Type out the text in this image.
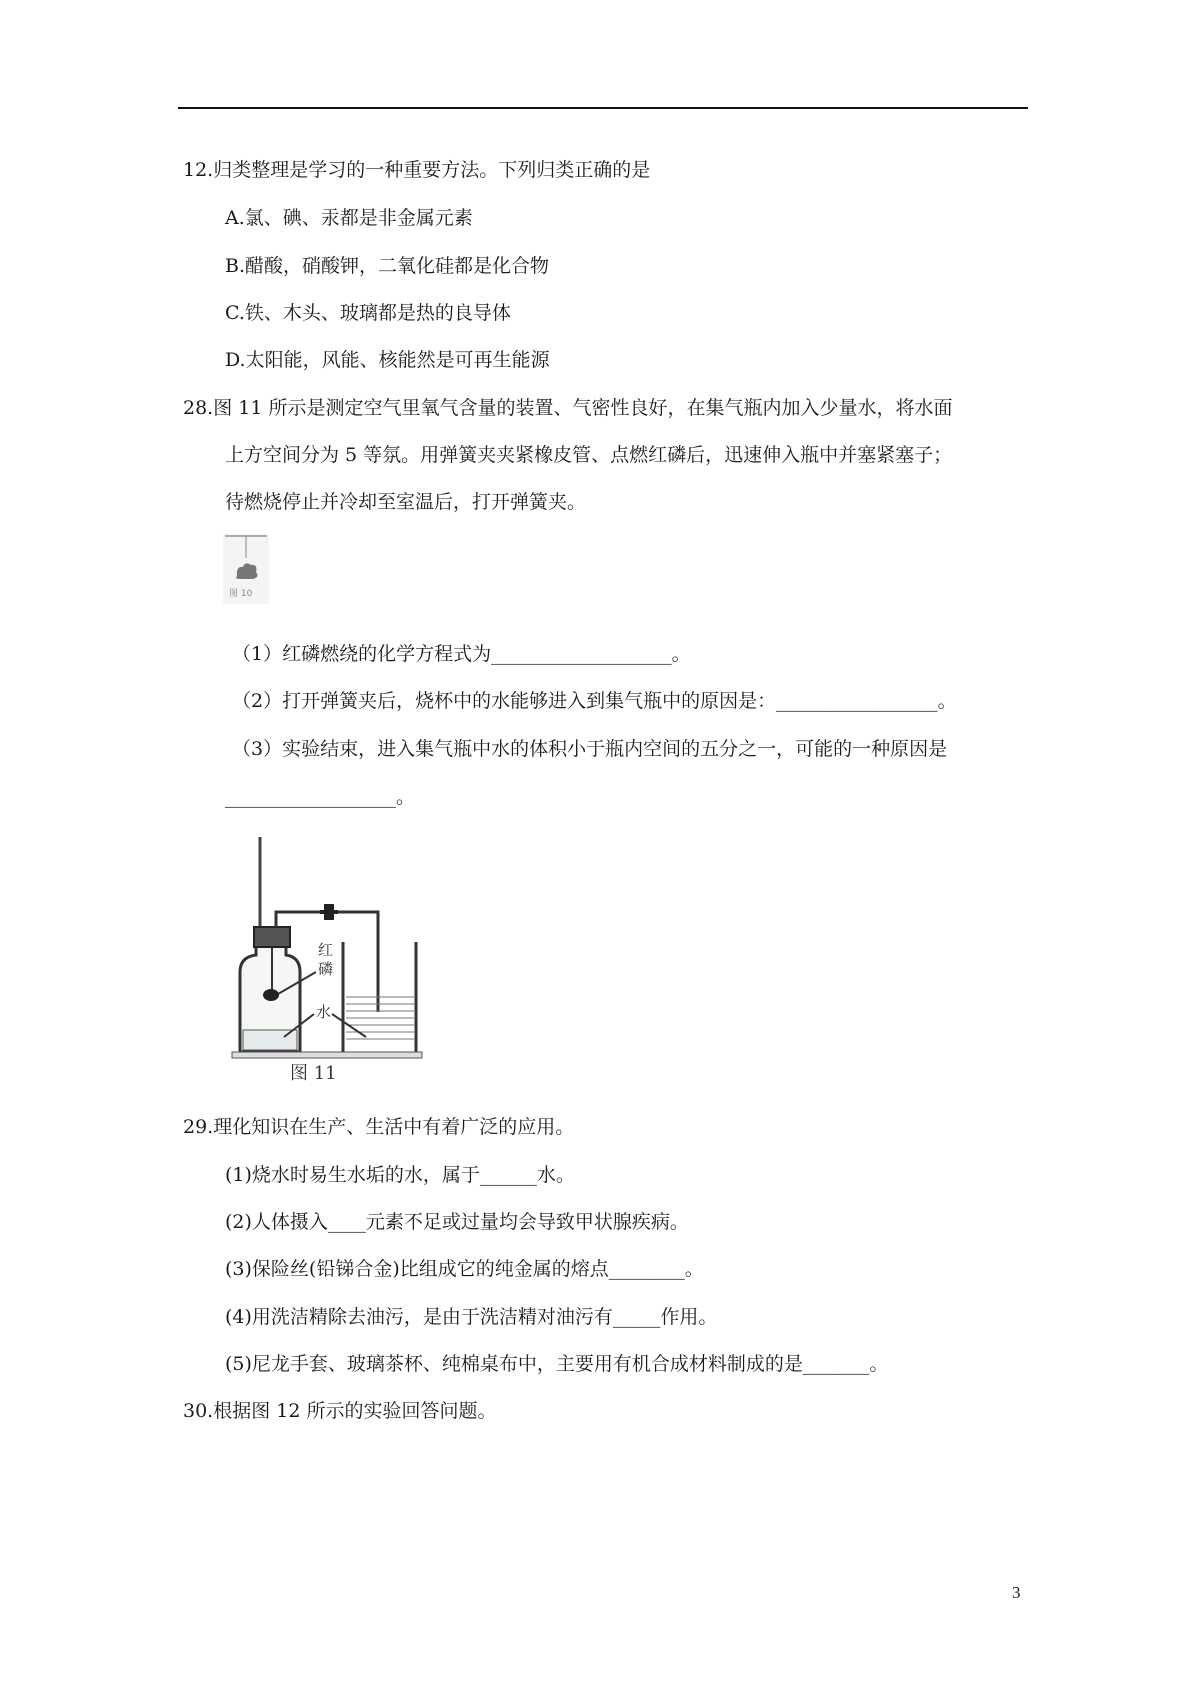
12.归类整理是学习的一种重要方法。下列归类正确的是
A.氯、碘、汞都是非金属元素
B.醋酸，硝酸钾，二氧化硅都是化合物
C.铁、木头、玻璃都是热的良导体
D.太阳能，风能、核能然是可再生能源
28.图 11 所示是测定空气里氧气含量的装置、气密性良好，在集气瓶内加入少量水，将水面
上方空间分为 5 等氛。用弹簧夹夹紧橡皮管、点燃红磷后，迅速伸入瓶中并塞紧塞子；
待燃烧停止并冷却至室温后，打开弹簧夹。
图 10
（1）红磷燃绕的化学方程式为___________________。
（2）打开弹簧夹后，烧杯中的水能够进入到集气瓶中的原因是：_________________。
（3）实验结束，进入集气瓶中水的体积小于瓶内空间的五分之一，可能的一种原因是
__________________。
红
磷
水
图 11
29.理化知识在生产、生活中有着广泛的应用。
(1)烧水时易生水垢的水，属于______水。
(2)人体摄入____元素不足或过量均会导致甲状腺疾病。
(3)保险丝(铅锑合金)比组成它的纯金属的熔点________。
(4)用洗洁精除去油污，是由于洗洁精对油污有_____作用。
(5)尼龙手套、玻璃茶杯、纯棉桌布中，主要用有机合成材料制成的是_______。
30.根据图 12 所示的实验回答问题。
3
